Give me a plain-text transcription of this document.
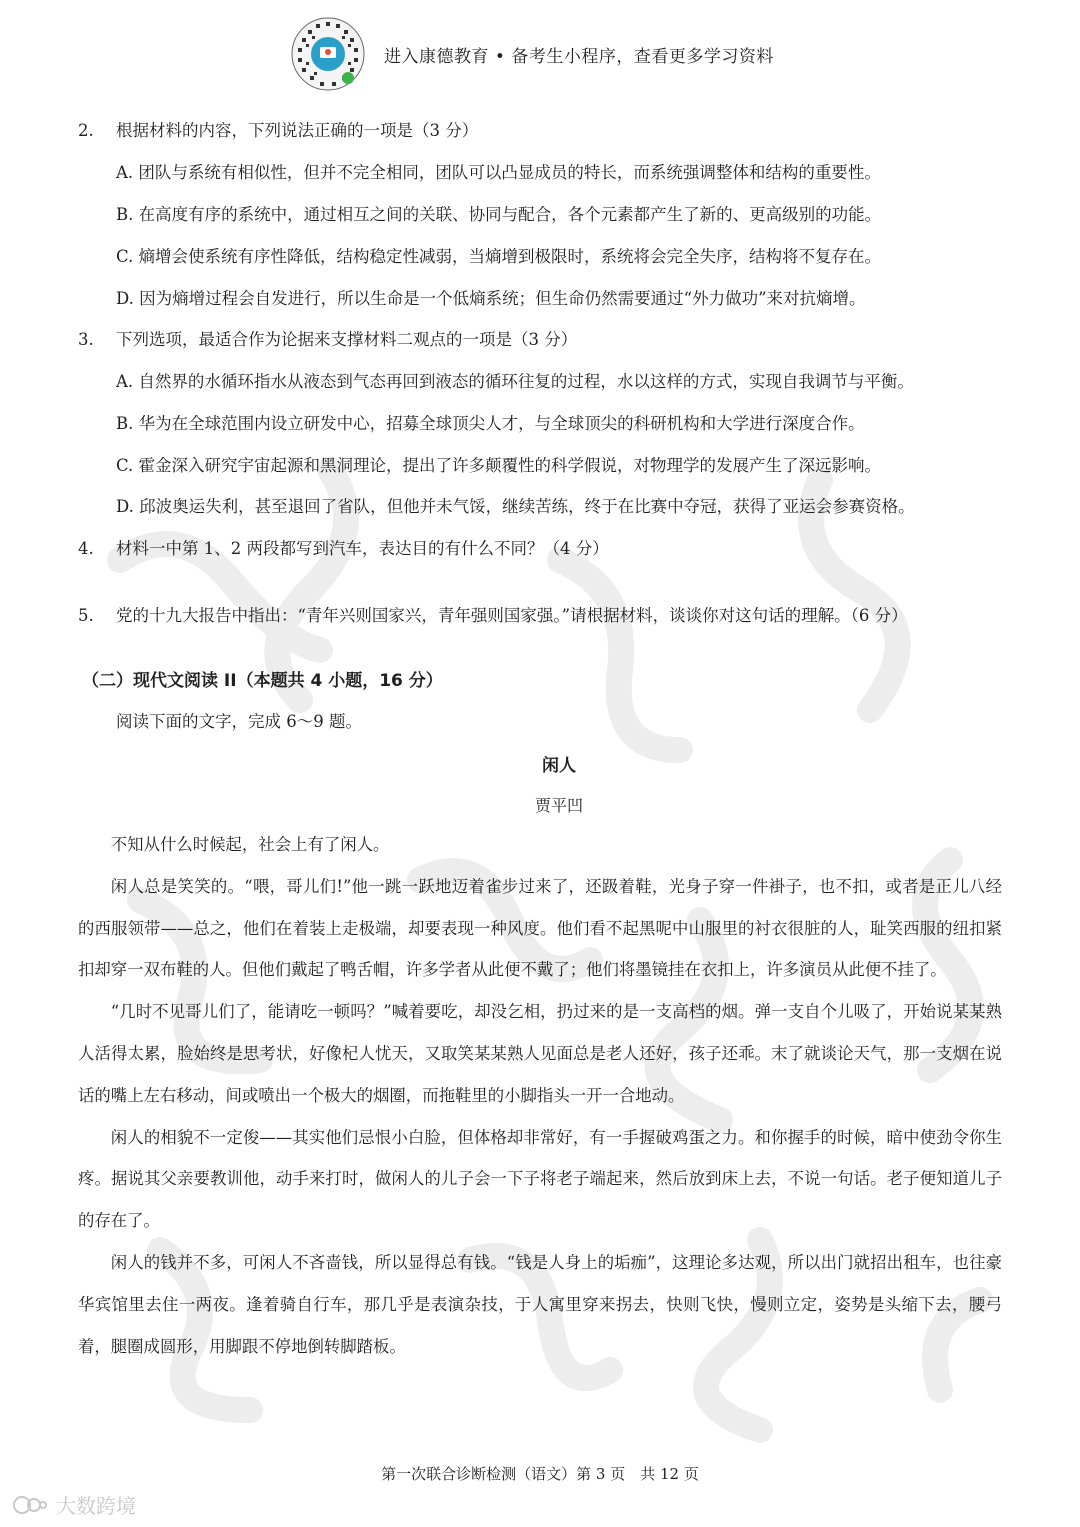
进入康德教育 • 备考生小程序，查看更多学习资料
2. 根据材料的内容，下列说法正确的一项是（3 分）
A. 团队与系统有相似性，但并不完全相同，团队可以凸显成员的特长，而系统强调整体和结构的重要性。
B. 在高度有序的系统中，通过相互之间的关联、协同与配合，各个元素都产生了新的、更高级别的功能。
C. 熵增会使系统有序性降低，结构稳定性减弱，当熵增到极限时，系统将会完全失序，结构将不复存在。
D. 因为熵增过程会自发进行，所以生命是一个低熵系统；但生命仍然需要通过“外力做功”来对抗熵增。
3. 下列选项，最适合作为论据来支撑材料二观点的一项是（3 分）
A. 自然界的水循环指水从液态到气态再回到液态的循环往复的过程，水以这样的方式，实现自我调节与平衡。
B. 华为在全球范围内设立研发中心，招募全球顶尖人才，与全球顶尖的科研机构和大学进行深度合作。
C. 霍金深入研究宇宙起源和黑洞理论，提出了许多颠覆性的科学假说，对物理学的发展产生了深远影响。
D. 邱波奥运失利，甚至退回了省队，但他并未气馁，继续苦练，终于在比赛中夺冠，获得了亚运会参赛资格。
4. 材料一中第 1、2 两段都写到汽车，表达目的有什么不同？（4 分）
5. 党的十九大报告中指出：“青年兴则国家兴，青年强则国家强。”请根据材料，谈谈你对这句话的理解。（6 分）
（二）现代文阅读 II（本题共 4 小题，16 分）
阅读下面的文字，完成 6～9 题。
闲人
贾平凹

不知从什么时候起，社会上有了闲人。

闲人总是笑笑的。“喂，哥儿们!”他一跳一跃地迈着雀步过来了，还趿着鞋，光身子穿一件褂子，也不扣，或者是正儿八经的西服领带——总之，他们在着装上走极端，却要表现一种风度。他们看不起黑呢中山服里的衬衣很脏的人，耻笑西服的纽扣紧扣却穿一双布鞋的人。但他们戴起了鸭舌帽，许多学者从此便不戴了；他们将墨镜挂在衣扣上，许多演员从此便不挂了。

“几时不见哥儿们了，能请吃一顿吗？”喊着要吃，却没乞相，扔过来的是一支高档的烟。弹一支自个儿吸了，开始说某某熟人活得太累，脸始终是思考状，好像杞人忧天，又取笑某某熟人见面总是老人还好，孩子还乖。末了就谈论天气，那一支烟在说话的嘴上左右移动，间或喷出一个极大的烟圈，而拖鞋里的小脚指头一开一合地动。

闲人的相貌不一定俊——其实他们忌恨小白脸，但体格却非常好，有一手握破鸡蛋之力。和你握手的时候，暗中使劲令你生疼。据说其父亲要教训他，动手来打时，做闲人的儿子会一下子将老子端起来，然后放到床上去，不说一句话。老子便知道儿子的存在了。

闲人的钱并不多，可闲人不吝啬钱，所以显得总有钱。“钱是人身上的垢痂”，这理论多达观，所以出门就招出租车，也往豪华宾馆里去住一两夜。逢着骑自行车，那几乎是表演杂技，于人寓里穿来拐去，快则飞快，慢则立定，姿势是头缩下去，腰弓着，腿圈成圆形，用脚跟不停地倒转脚踏板。

第一次联合诊断检测（语文）第 3 页　共 12 页
大数跨境
